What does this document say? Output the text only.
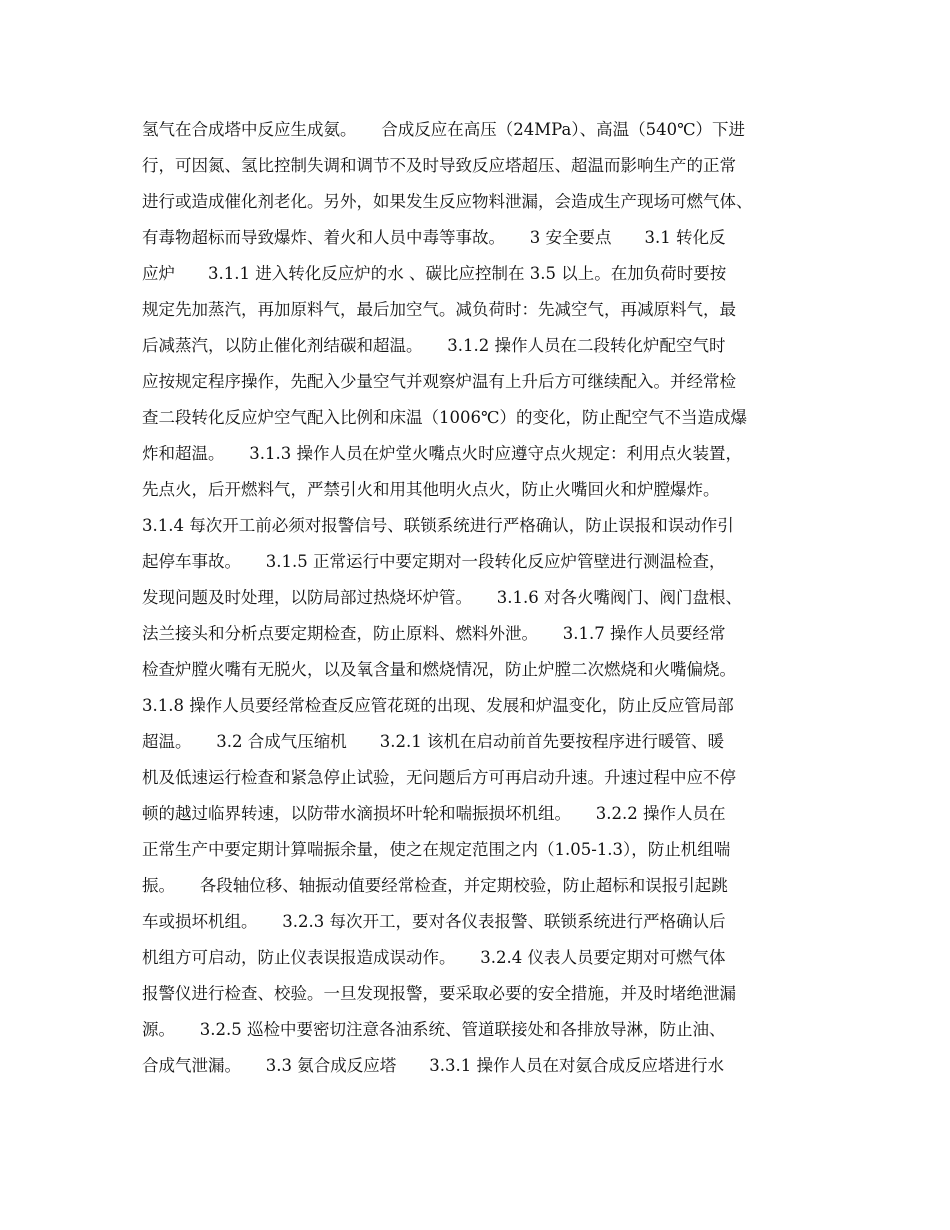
氢气在合成塔中反应生成氨。　　合成反应在高压（24MPa）、高温（540℃）下进
行，可因氮、氢比控制失调和调节不及时导致反应塔超压、超温而影响生产的正常
进行或造成催化剂老化。另外，如果发生反应物料泄漏，会造成生产现场可燃气体、
有毒物超标而导致爆炸、着火和人员中毒等事故。　　3 安全要点　　3.1 转化反
应炉　　3.1.1 进入转化反应炉的水 、碳比应控制在 3.5 以上。在加负荷时要按
规定先加蒸汽，再加原料气，最后加空气。减负荷时：先减空气，再减原料气，最
后减蒸汽，以防止催化剂结碳和超温。　　3.1.2 操作人员在二段转化炉配空气时
应按规定程序操作，先配入少量空气并观察炉温有上升后方可继续配入。并经常检
查二段转化反应炉空气配入比例和床温（1006℃）的变化，防止配空气不当造成爆
炸和超温。　　3.1.3 操作人员在炉堂火嘴点火时应遵守点火规定：利用点火装置，
先点火，后开燃料气，严禁引火和用其他明火点火，防止火嘴回火和炉膛爆炸。
3.1.4 每次开工前必须对报警信号、联锁系统进行严格确认，防止误报和误动作引
起停车事故。　　3.1.5 正常运行中要定期对一段转化反应炉管壁进行测温检查，
发现问题及时处理，以防局部过热烧坏炉管。　　3.1.6 对各火嘴阀门、阀门盘根、
法兰接头和分析点要定期检查，防止原料、燃料外泄。　　3.1.7 操作人员要经常
检查炉膛火嘴有无脱火，以及氧含量和燃烧情况，防止炉膛二次燃烧和火嘴偏烧。
3.1.8 操作人员要经常检查反应管花斑的出现、发展和炉温变化，防止反应管局部
超温。　　3.2 合成气压缩机　　3.2.1 该机在启动前首先要按程序进行暖管、暖
机及低速运行检查和紧急停止试验，无问题后方可再启动升速。升速过程中应不停
顿的越过临界转速，以防带水滴损坏叶轮和喘振损坏机组。　　3.2.2 操作人员在
正常生产中要定期计算喘振余量，使之在规定范围之内（1.05-1.3），防止机组喘
振。　　各段轴位移、轴振动值要经常检查，并定期校验，防止超标和误报引起跳
车或损坏机组。　　3.2.3 每次开工，要对各仪表报警、联锁系统进行严格确认后
机组方可启动，防止仪表误报造成误动作。　　3.2.4 仪表人员要定期对可燃气体
报警仪进行检查、校验。一旦发现报警，要采取必要的安全措施，并及时堵绝泄漏
源。　　3.2.5 巡检中要密切注意各油系统、管道联接处和各排放导淋，防止油、
合成气泄漏。　　3.3 氨合成反应塔　　3.3.1 操作人员在对氨合成反应塔进行水
